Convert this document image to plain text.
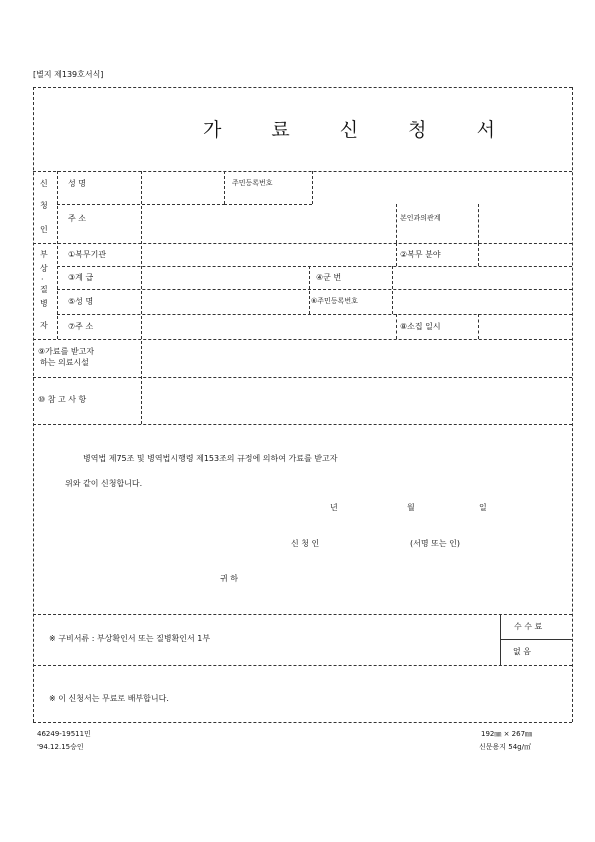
[별지 제139호서식]
가 료 신 청 서
신
청
인
성 명	주민등록번호
주 소	본인과의관계
부
상
·
질
병
자
①복무기관	②복무 분야
③계 급	④군 번
⑤성 명	⑥주민등록번호
⑦주 소	⑧소집 일시
⑨가료를 받고자
하는 의료시설
⑩ 참 고 사 항
병역법 제75조 및 병역법시행령 제153조의 규정에 의하여 가료를 받고자
위와 같이 신청합니다.
년	월	일
신 청 인	(서명 또는 인)
귀 하
※ 구비서류 : 부상확인서 또는 질병확인서 1부
수 수 료
없 음
※ 이 신청서는 무료로 배부합니다.
46249-19511민
'94.12.15승인
192㎜ × 267㎜
신문용지 54g/㎡
